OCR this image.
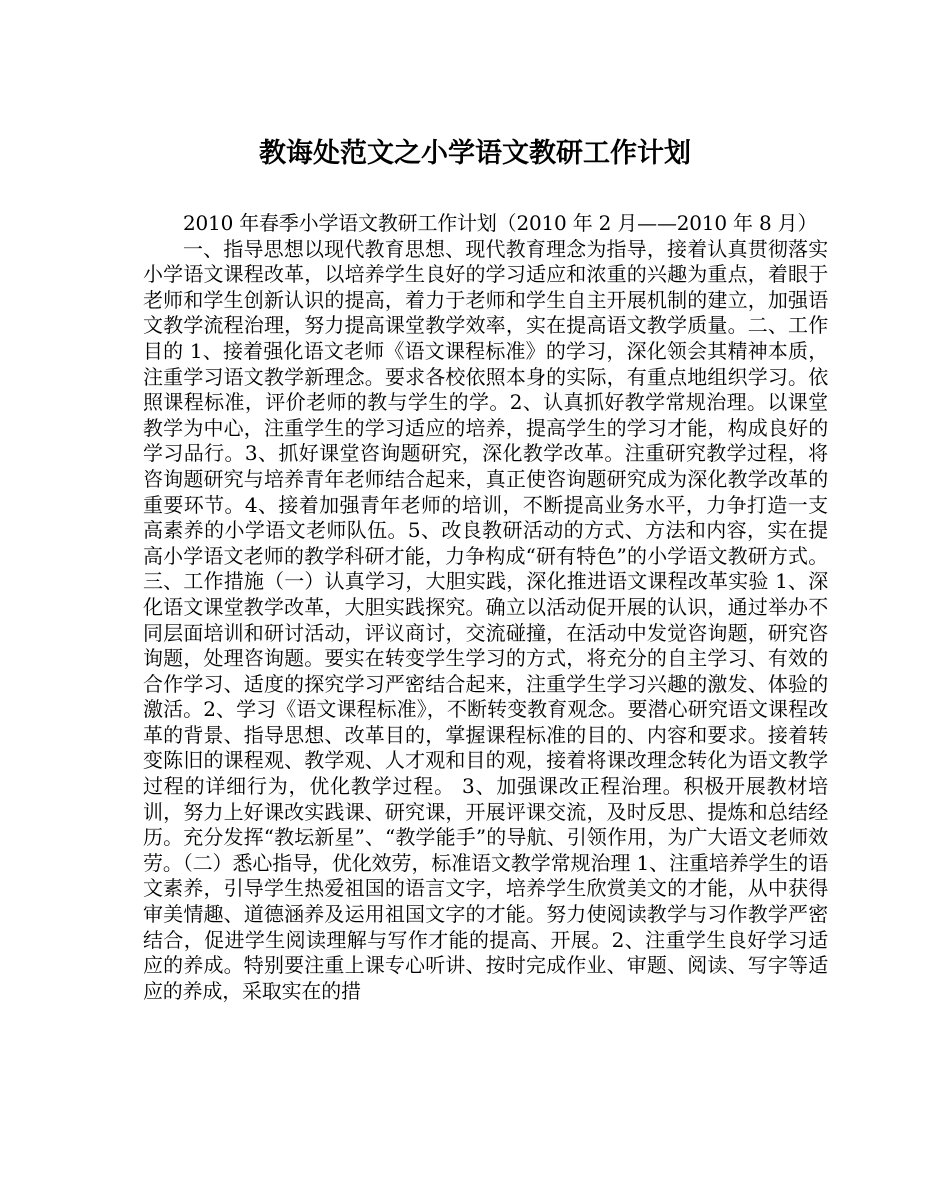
教诲处范文之小学语文教研工作计划

2010 年春季小学语文教研工作计划（2010 年 2 月——2010 年 8 月）

一、指导思想以现代教育思想、现代教育理念为指导，接着认真贯彻落实小学语文课程改革，以培养学生良好的学习适应和浓重的兴趣为重点，着眼于老师和学生创新认识的提高，着力于老师和学生自主开展机制的建立，加强语文教学流程治理，努力提高课堂教学效率，实在提高语文教学质量。二、工作目的 1、接着强化语文老师《语文课程标准》的学习，深化领会其精神本质，注重学习语文教学新理念。要求各校依照本身的实际，有重点地组织学习。依照课程标准，评价老师的教与学生的学。2、认真抓好教学常规治理。以课堂教学为中心，注重学生的学习适应的培养，提高学生的学习才能，构成良好的学习品行。3、抓好课堂咨询题研究，深化教学改革。注重研究教学过程，将咨询题研究与培养青年老师结合起来，真正使咨询题研究成为深化教学改革的重要环节。4、接着加强青年老师的培训，不断提高业务水平，力争打造一支高素养的小学语文老师队伍。5、改良教研活动的方式、方法和内容，实在提高小学语文老师的教学科研才能，力争构成“研有特色”的小学语文教研方式。三、工作措施（一）认真学习，大胆实践，深化推进语文课程改革实验 1、深化语文课堂教学改革，大胆实践探究。确立以活动促开展的认识，通过举办不同层面培训和研讨活动，评议商讨，交流碰撞，在活动中发觉咨询题，研究咨询题，处理咨询题。要实在转变学生学习的方式，将充分的自主学习、有效的合作学习、适度的探究学习严密结合起来，注重学生学习兴趣的激发、体验的激活。2、学习《语文课程标准》，不断转变教育观念。要潜心研究语文课程改革的背景、指导思想、改革目的，掌握课程标准的目的、内容和要求。接着转变陈旧的课程观、教学观、人才观和目的观，接着将课改理念转化为语文教学过程的详细行为，优化教学过程。 3、加强课改正程治理。积极开展教材培训，努力上好课改实践课、研究课，开展评课交流，及时反思、提炼和总结经历。充分发挥“教坛新星”、“教学能手”的导航、引领作用，为广大语文老师效劳。（二）悉心指导，优化效劳，标准语文教学常规治理 1、注重培养学生的语文素养，引导学生热爱祖国的语言文字，培养学生欣赏美文的才能，从中获得审美情趣、道德涵养及运用祖国文字的才能。努力使阅读教学与习作教学严密结合，促进学生阅读理解与写作才能的提高、开展。2、注重学生良好学习适应的养成。特别要注重上课专心听讲、按时完成作业、审题、阅读、写字等适应的养成，采取实在的措
